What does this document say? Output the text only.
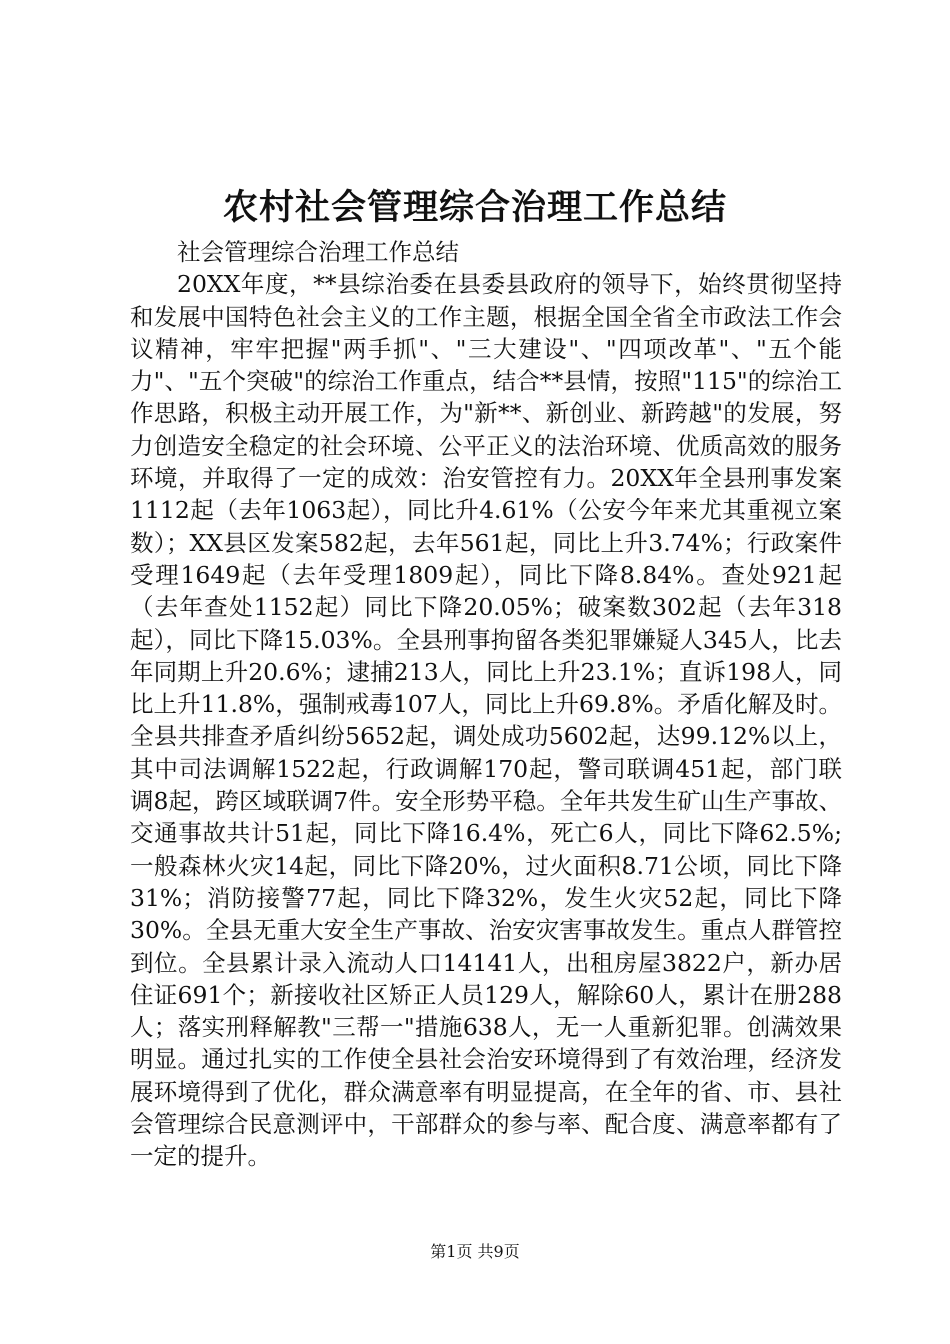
农村社会管理综合治理工作总结

社会管理综合治理工作总结

20XX年度，**县综治委在县委县政府的领导下，始终贯彻坚持和发展中国特色社会主义的工作主题，根据全国全省全市政法工作会议精神，牢牢把握"两手抓"、"三大建设"、"四项改革"、"五个能力"、"五个突破"的综治工作重点，结合**县情，按照"115"的综治工作思路，积极主动开展工作，为"新**、新创业、新跨越"的发展，努力创造安全稳定的社会环境、公平正义的法治环境、优质高效的服务环境，并取得了一定的成效：治安管控有力。20XX年全县刑事发案1112起（去年1063起），同比升4.61%（公安今年来尤其重视立案数）；XX县区发案582起，去年561起，同比上升3.74%；行政案件受理1649起（去年受理1809起），同比下降8.84%。查处921起（去年查处1152起）同比下降20.05%；破案数302起（去年318起），同比下降15.03%。全县刑事拘留各类犯罪嫌疑人345人，比去年同期上升20.6%；逮捕213人，同比上升23.1%；直诉198人，同比上升11.8%，强制戒毒107人，同比上升69.8%。矛盾化解及时。全县共排查矛盾纠纷5652起，调处成功5602起，达99.12%以上，其中司法调解1522起，行政调解170起，警司联调451起，部门联调8起，跨区域联调7件。安全形势平稳。全年共发生矿山生产事故、交通事故共计51起，同比下降16.4%，死亡6人，同比下降62.5%;一般森林火灾14起，同比下降20%，过火面积8.71公顷，同比下降31%；消防接警77起，同比下降32%，发生火灾52起，同比下降30%。全县无重大安全生产事故、治安灾害事故发生。重点人群管控到位。全县累计录入流动人口14141人，出租房屋3822户，新办居住证691个；新接收社区矫正人员129人，解除60人，累计在册288人；落实刑释解教"三帮一"措施638人，无一人重新犯罪。创满效果明显。通过扎实的工作使全县社会治安环境得到了有效治理，经济发展环境得到了优化，群众满意率有明显提高，在全年的省、市、县社会管理综合民意测评中，干部群众的参与率、配合度、满意率都有了一定的提升。

第1页 共9页
